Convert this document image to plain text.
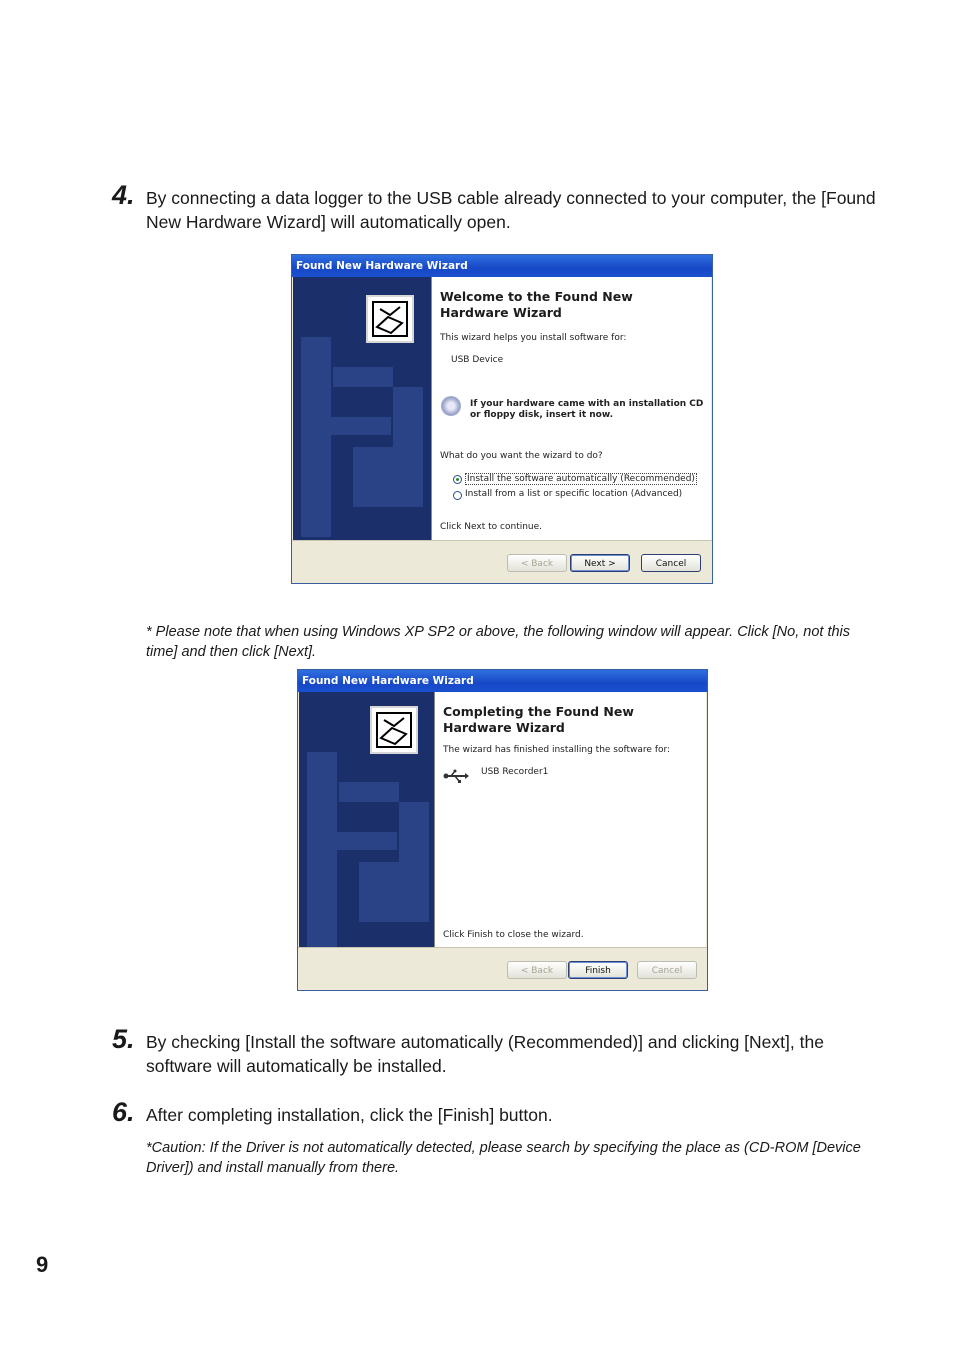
4. By connecting a data logger to the USB cable already connected to your computer, the [Found New Hardware Wizard] will automatically open.
Found New Hardware Wizard
Welcome to the Found New
Hardware Wizard
This wizard helps you install software for:
USB Device
If your hardware came with an installation CD
or floppy disk, insert it now.
What do you want the wizard to do?
Install the software automatically (Recommended)
Install from a list or specific location (Advanced)
Click Next to continue.
< Back	Next >	Cancel
* Please note that when using Windows XP SP2 or above, the following window will appear. Click [No, not this time] and then click [Next].
Found New Hardware Wizard
Completing the Found New
Hardware Wizard
The wizard has finished installing the software for:
USB Recorder1
Click Finish to close the wizard.
< Back	Finish	Cancel
5. By checking [Install the software automatically (Recommended)] and clicking [Next], the software will automatically be installed.
6. After completing installation, click the [Finish] button.
*Caution: If the Driver is not automatically detected, please search by specifying the place as (CD-ROM [Device Driver]) and install manually from there.
9
